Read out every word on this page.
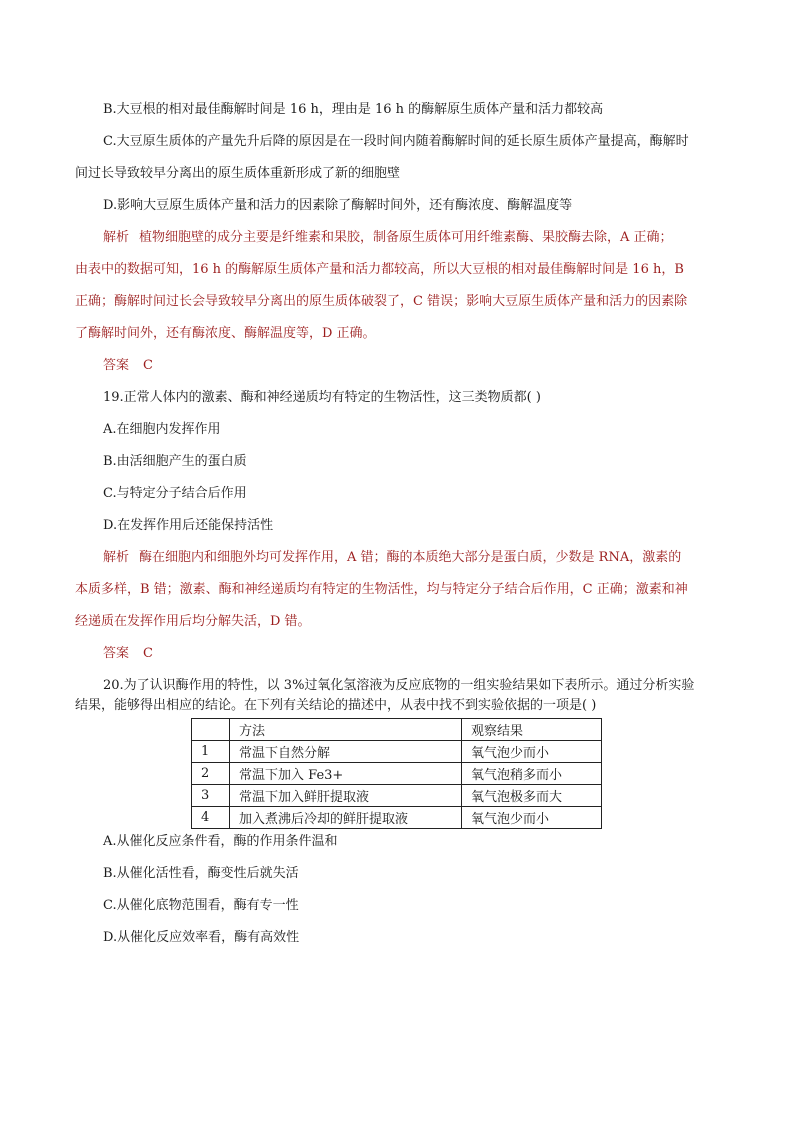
B.大豆根的相对最佳酶解时间是 16 h，理由是 16 h 的酶解原生质体产量和活力都较高
C.大豆原生质体的产量先升后降的原因是在一段时间内随着酶解时间的延长原生质体产量提高，酶解时
间过长导致较早分离出的原生质体重新形成了新的细胞壁
D.影响大豆原生质体产量和活力的因素除了酶解时间外，还有酶浓度、酶解温度等
解析 植物细胞壁的成分主要是纤维素和果胶，制备原生质体可用纤维素酶、果胶酶去除，A 正确；
由表中的数据可知，16 h 的酶解原生质体产量和活力都较高，所以大豆根的相对最佳酶解时间是 16 h，B
正确；酶解时间过长会导致较早分离出的原生质体破裂了，C 错误；影响大豆原生质体产量和活力的因素除
了酶解时间外，还有酶浓度、酶解温度等，D 正确。
答案 C
19.正常人体内的激素、酶和神经递质均有特定的生物活性，这三类物质都( )
A.在细胞内发挥作用
B.由活细胞产生的蛋白质
C.与特定分子结合后作用
D.在发挥作用后还能保持活性
解析 酶在细胞内和细胞外均可发挥作用，A 错；酶的本质绝大部分是蛋白质，少数是 RNA，激素的
本质多样，B 错；激素、酶和神经递质均有特定的生物活性，均与特定分子结合后作用，C 正确；激素和神
经递质在发挥作用后均分解失活，D 错。
答案 C
20.为了认识酶作用的特性，以 3%过氧化氢溶液为反应底物的一组实验结果如下表所示。通过分析实验
结果，能够得出相应的结论。在下列有关结论的描述中，从表中找不到实验依据的一项是( )
	方法	观察结果
1	常温下自然分解	氧气泡少而小
2	常温下加入 Fe3+	氧气泡稍多而小
3	常温下加入鲜肝提取液	氧气泡极多而大
4	加入煮沸后冷却的鲜肝提取液	氧气泡少而小
A.从催化反应条件看，酶的作用条件温和
B.从催化活性看，酶变性后就失活
C.从催化底物范围看，酶有专一性
D.从催化反应效率看，酶有高效性
